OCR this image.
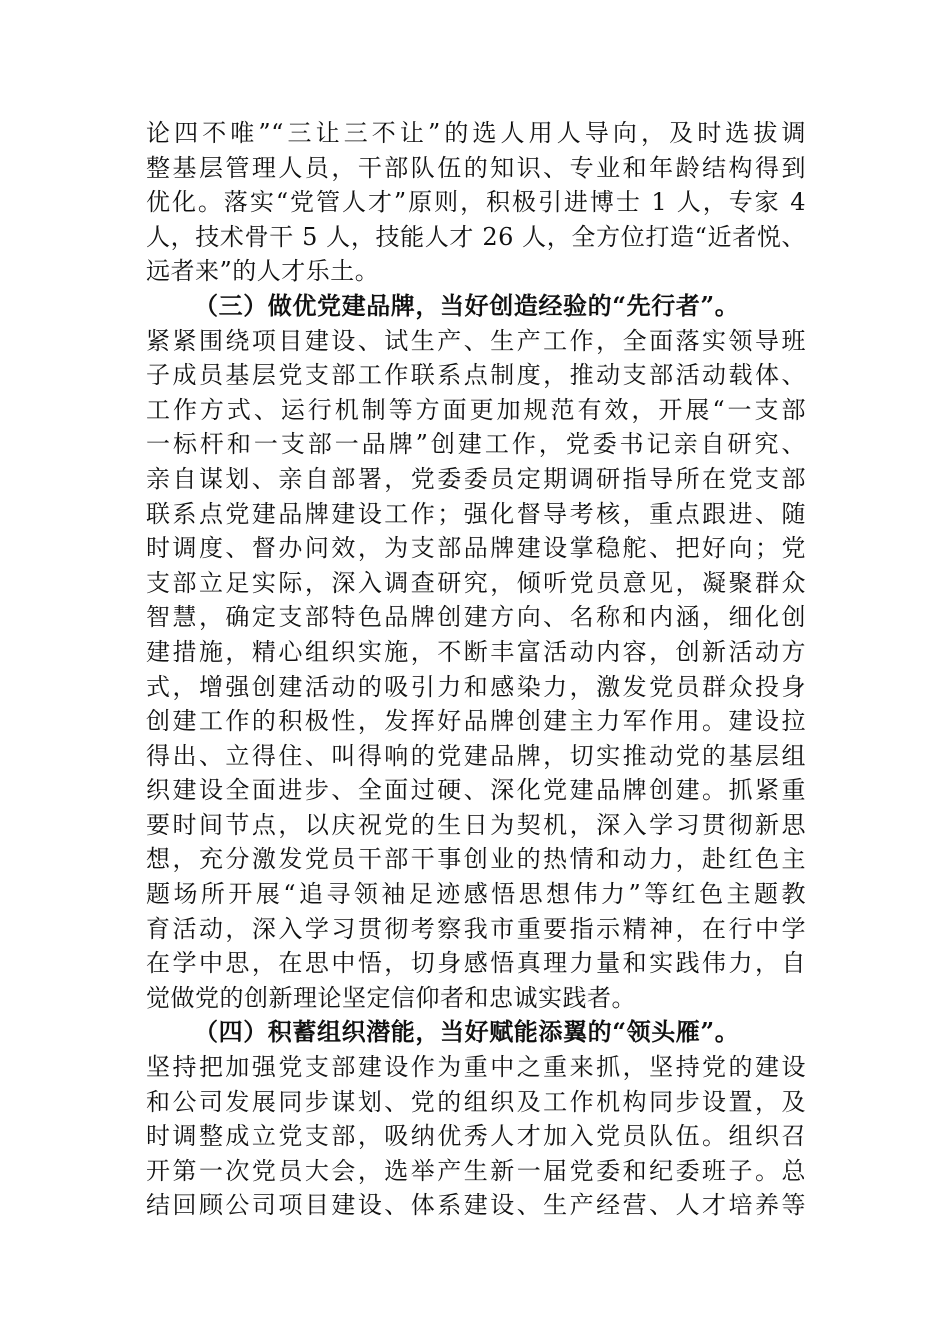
论四不唯”“三让三不让”的选人用人导向，及时选拔调
整基层管理人员，干部队伍的知识、专业和年龄结构得到
优化。落实“党管人才”原则，积极引进博士 1 人，专家 4
人，技术骨干 5 人，技能人才 26 人，全方位打造“近者悦、
远者来”的人才乐土。
（三）做优党建品牌，当好创造经验的“先行者”。
紧紧围绕项目建设、试生产、生产工作，全面落实领导班
子成员基层党支部工作联系点制度，推动支部活动载体、
工作方式、运行机制等方面更加规范有效，开展“一支部
一标杆和一支部一品牌”创建工作，党委书记亲自研究、
亲自谋划、亲自部署，党委委员定期调研指导所在党支部
联系点党建品牌建设工作；强化督导考核，重点跟进、随
时调度、督办问效，为支部品牌建设掌稳舵、把好向；党
支部立足实际，深入调查研究，倾听党员意见，凝聚群众
智慧，确定支部特色品牌创建方向、名称和内涵，细化创
建措施，精心组织实施，不断丰富活动内容，创新活动方
式，增强创建活动的吸引力和感染力，激发党员群众投身
创建工作的积极性，发挥好品牌创建主力军作用。建设拉
得出、立得住、叫得响的党建品牌，切实推动党的基层组
织建设全面进步、全面过硬、深化党建品牌创建。抓紧重
要时间节点，以庆祝党的生日为契机，深入学习贯彻新思
想，充分激发党员干部干事创业的热情和动力，赴红色主
题场所开展“追寻领袖足迹感悟思想伟力”等红色主题教
育活动，深入学习贯彻考察我市重要指示精神，在行中学
在学中思，在思中悟，切身感悟真理力量和实践伟力，自
觉做党的创新理论坚定信仰者和忠诚实践者。
（四）积蓄组织潜能，当好赋能添翼的“领头雁”。
坚持把加强党支部建设作为重中之重来抓，坚持党的建设
和公司发展同步谋划、党的组织及工作机构同步设置，及
时调整成立党支部，吸纳优秀人才加入党员队伍。组织召
开第一次党员大会，选举产生新一届党委和纪委班子。总
结回顾公司项目建设、体系建设、生产经营、人才培养等
